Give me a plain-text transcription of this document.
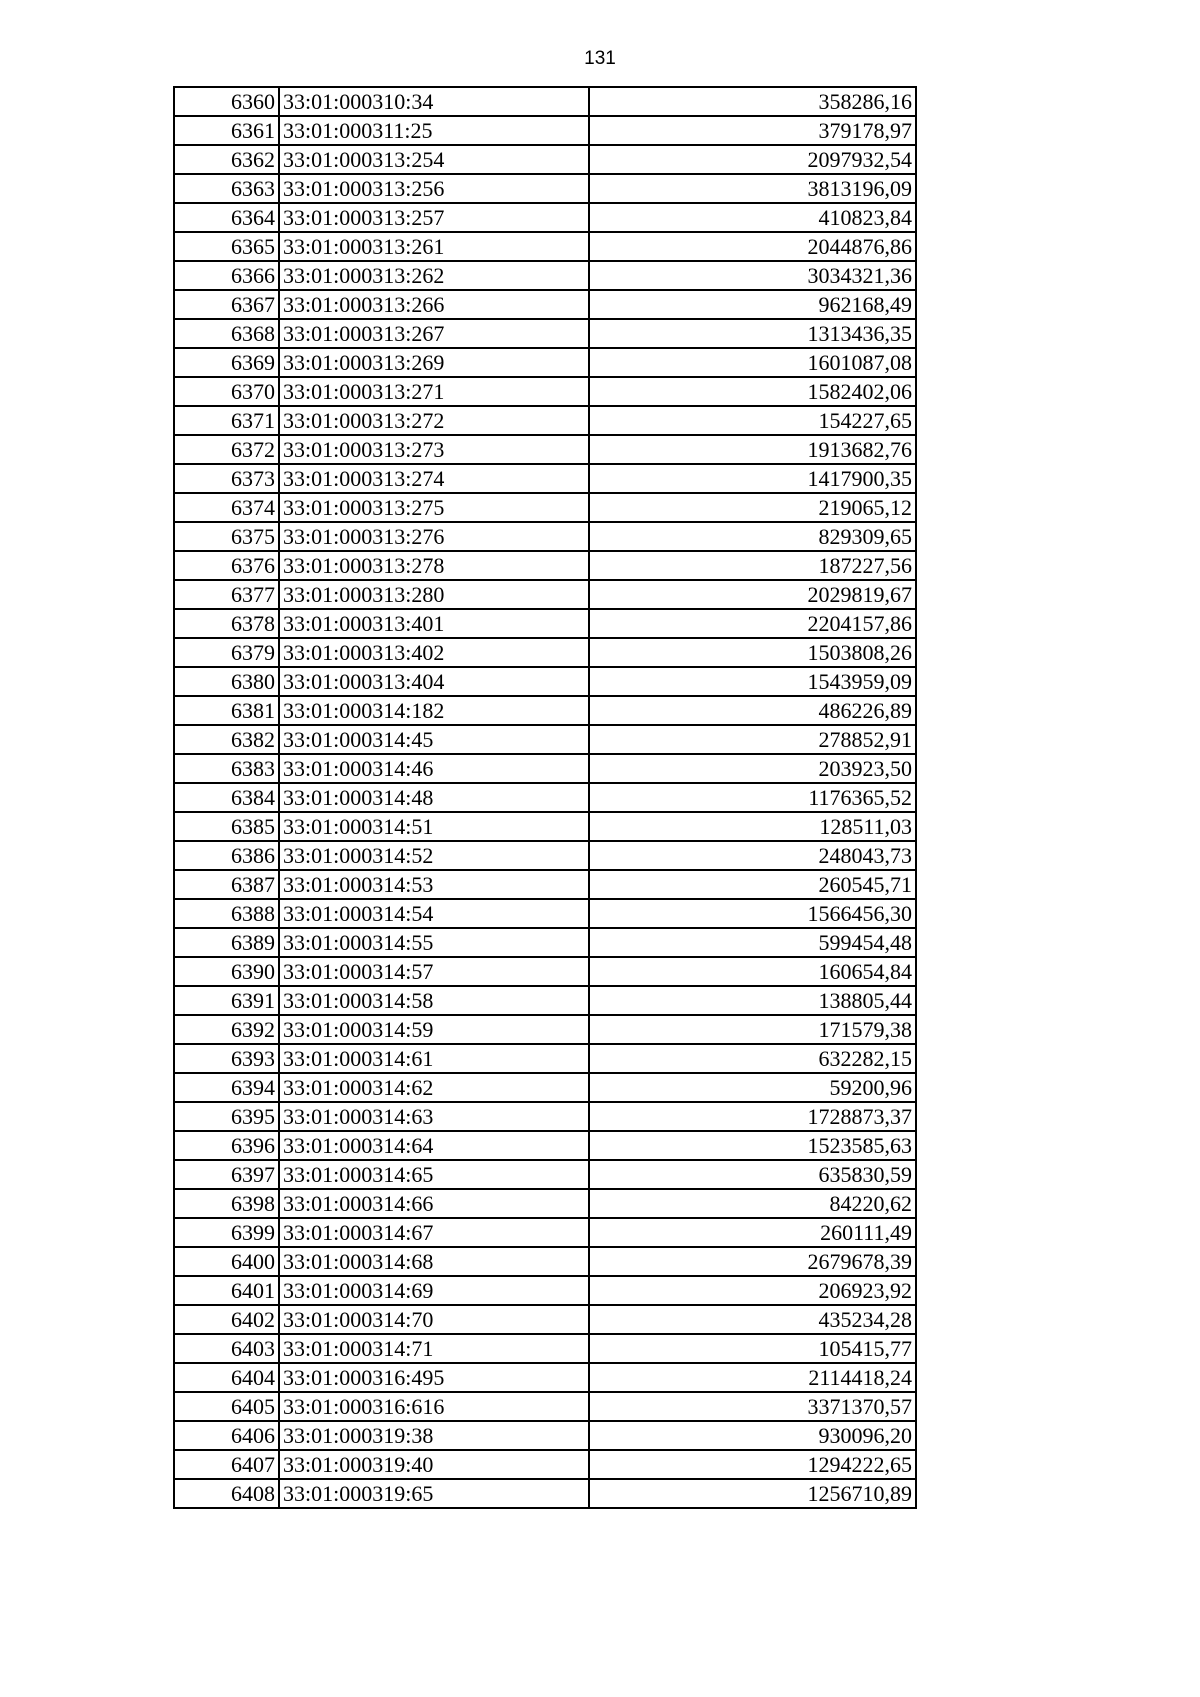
131
6360	33:01:000310:34	358286,16
6361	33:01:000311:25	379178,97
6362	33:01:000313:254	2097932,54
6363	33:01:000313:256	3813196,09
6364	33:01:000313:257	410823,84
6365	33:01:000313:261	2044876,86
6366	33:01:000313:262	3034321,36
6367	33:01:000313:266	962168,49
6368	33:01:000313:267	1313436,35
6369	33:01:000313:269	1601087,08
6370	33:01:000313:271	1582402,06
6371	33:01:000313:272	154227,65
6372	33:01:000313:273	1913682,76
6373	33:01:000313:274	1417900,35
6374	33:01:000313:275	219065,12
6375	33:01:000313:276	829309,65
6376	33:01:000313:278	187227,56
6377	33:01:000313:280	2029819,67
6378	33:01:000313:401	2204157,86
6379	33:01:000313:402	1503808,26
6380	33:01:000313:404	1543959,09
6381	33:01:000314:182	486226,89
6382	33:01:000314:45	278852,91
6383	33:01:000314:46	203923,50
6384	33:01:000314:48	1176365,52
6385	33:01:000314:51	128511,03
6386	33:01:000314:52	248043,73
6387	33:01:000314:53	260545,71
6388	33:01:000314:54	1566456,30
6389	33:01:000314:55	599454,48
6390	33:01:000314:57	160654,84
6391	33:01:000314:58	138805,44
6392	33:01:000314:59	171579,38
6393	33:01:000314:61	632282,15
6394	33:01:000314:62	59200,96
6395	33:01:000314:63	1728873,37
6396	33:01:000314:64	1523585,63
6397	33:01:000314:65	635830,59
6398	33:01:000314:66	84220,62
6399	33:01:000314:67	260111,49
6400	33:01:000314:68	2679678,39
6401	33:01:000314:69	206923,92
6402	33:01:000314:70	435234,28
6403	33:01:000314:71	105415,77
6404	33:01:000316:495	2114418,24
6405	33:01:000316:616	3371370,57
6406	33:01:000319:38	930096,20
6407	33:01:000319:40	1294222,65
6408	33:01:000319:65	1256710,89
